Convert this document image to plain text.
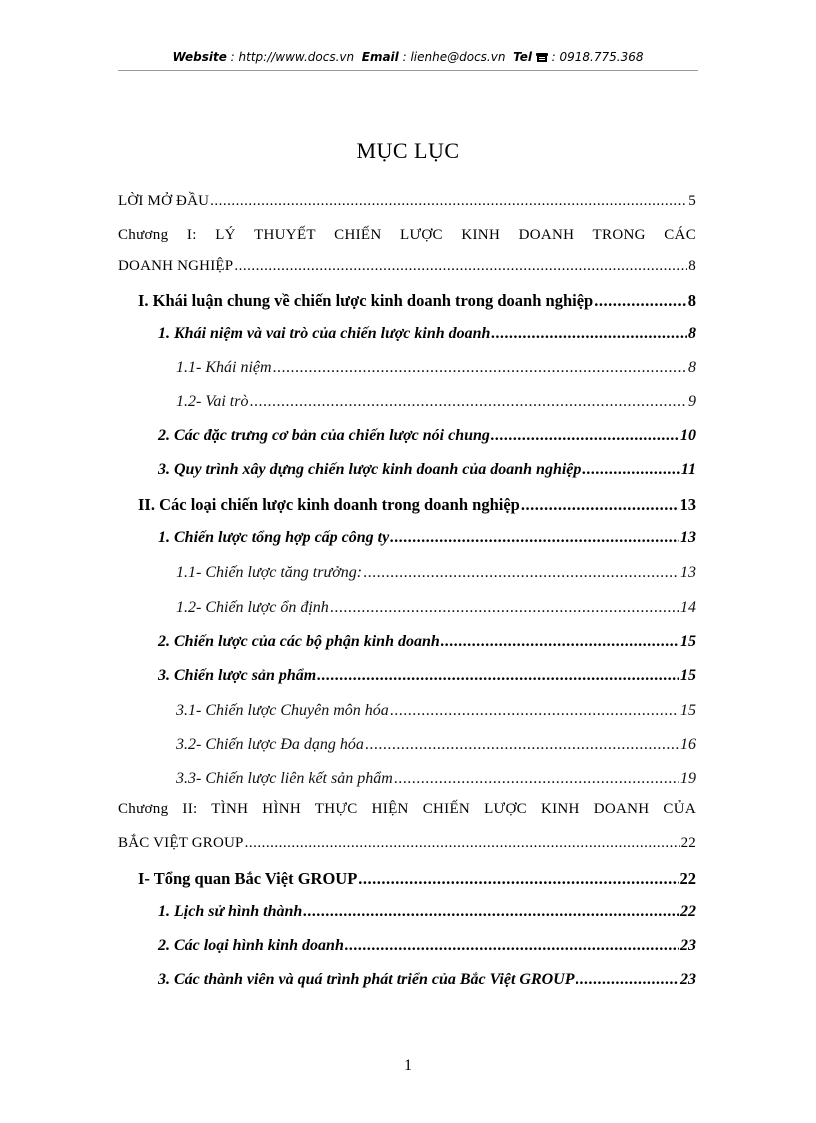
Website : http://www.docs.vn Email : lienhe@docs.vn Tel : 0918.775.368
MỤC LỤC
LỜI MỞ ĐẦU .....	5
Chương I: LÝ THUYẾT CHIẾN LƯỢC KINH DOANH TRONG CÁC
DOANH NGHIỆP .....	8
I. Khái luận chung về chiến lược kinh doanh trong doanh nghiệp .....	8
1. Khái niệm và vai trò của chiến lược kinh doanh .....	8
1.1- Khái niệm .....	8
1.2- Vai trò .....	9
2. Các đặc trưng cơ bản của chiến lược nói chung .....	10
3. Quy trình xây dựng chiến lược kinh doanh của doanh nghiệp .....	11
II. Các loại chiến lược kinh doanh trong doanh nghiệp .....	13
1. Chiến lược tổng hợp cấp công ty .....	13
1.1- Chiến lược tăng trưởng: .....	13
1.2- Chiến lược ổn định .....	14
2. Chiến lược của các bộ phận kinh doanh .....	15
3. Chiến lược sản phẩm .....	15
3.1- Chiến lược Chuyên môn hóa .....	15
3.2- Chiến lược Đa dạng hóa .....	16
3.3- Chiến lược liên kết sản phẩm .....	19
Chương II: TÌNH HÌNH THỰC HIỆN CHIẾN LƯỢC KINH DOANH CỦA
BẮC VIỆT GROUP .....	22
I- Tổng quan Bắc Việt GROUP .....	22
1. Lịch sử hình thành .....	22
2. Các loại hình kinh doanh .....	23
3. Các thành viên và quá trình phát triển của Bắc Việt GROUP .....	23
1
